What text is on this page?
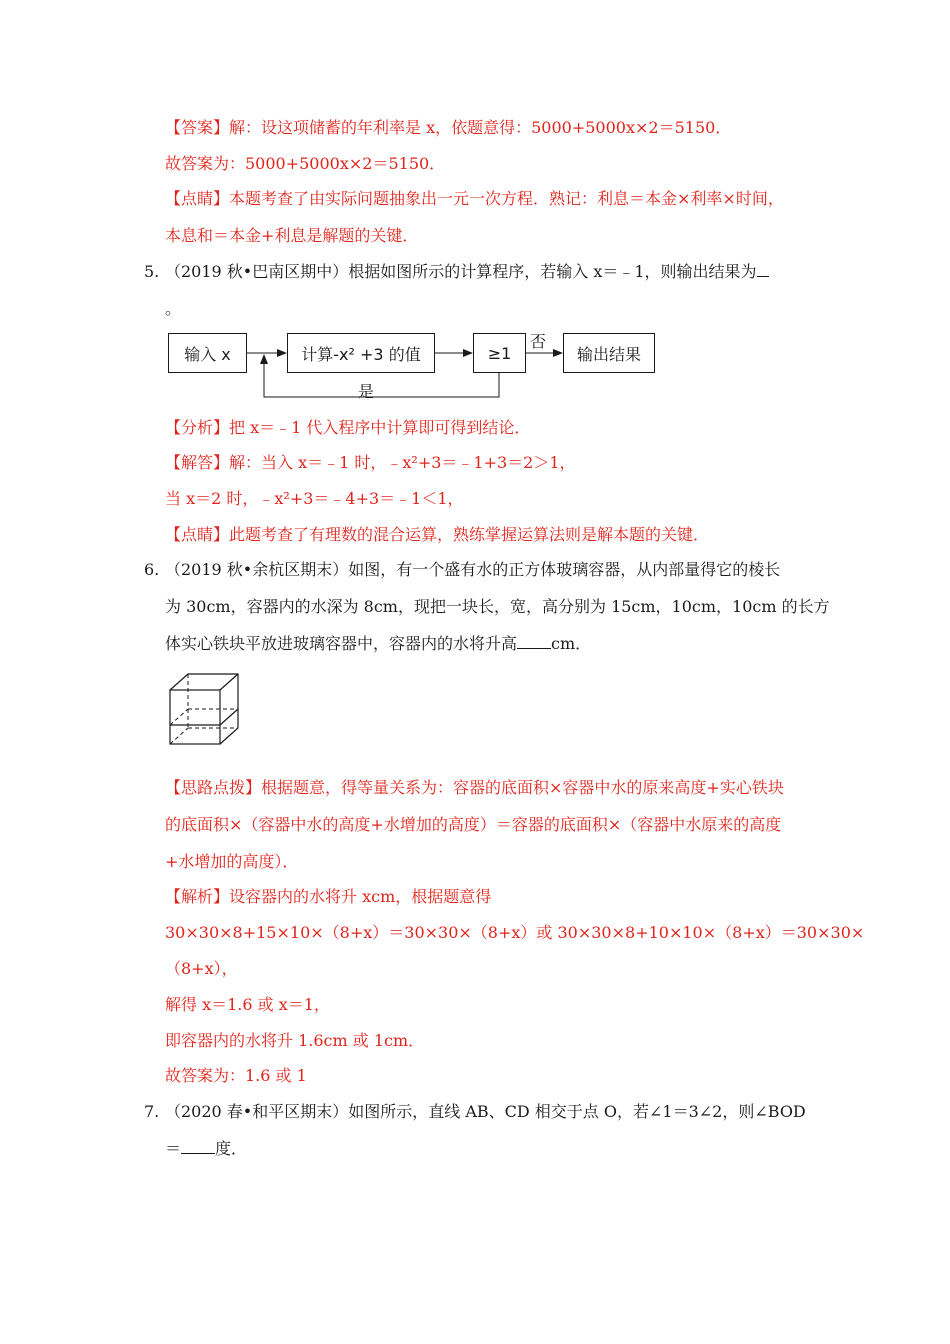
【答案】解：设这项储蓄的年利率是 x，依题意得：5000+5000x×2＝5150．
故答案为：5000+5000x×2＝5150．
【点睛】本题考查了由实际问题抽象出一元一次方程．熟记：利息＝本金×利率×时间，
本息和＝本金+利息是解题的关键．
5. （2019 秋•巴南区期中）根据如图所示的计算程序，若输入 x＝﹣1，则输出结果为
。
输入 x	计算-x² +3 的值	≥1	输出结果
否
是
【分析】把 x＝﹣1 代入程序中计算即可得到结论．
【解答】解：当入 x＝﹣1 时，﹣x²+3＝﹣1+3＝2＞1，
当 x＝2 时，﹣x²+3＝﹣4+3＝﹣1＜1，
【点睛】此题考查了有理数的混合运算，熟练掌握运算法则是解本题的关键．
6. （2019 秋•余杭区期末）如图，有一个盛有水的正方体玻璃容器，从内部量得它的棱长
为 30cm，容器内的水深为 8cm，现把一块长，宽，高分别为 15cm，10cm，10cm 的长方
体实心铁块平放进玻璃容器中，容器内的水将升高 cm．
【思路点拨】根据题意，得等量关系为：容器的底面积×容器中水的原来高度+实心铁块
的底面积×（容器中水的高度+水增加的高度）＝容器的底面积×（容器中水原来的高度
+水增加的高度）．
【解析】设容器内的水将升 xcm，根据题意得
30×30×8+15×10×（8+x）＝30×30×（8+x）或 30×30×8+10×10×（8+x）＝30×30×
（8+x），
解得 x＝1.6 或 x＝1，
即容器内的水将升 1.6cm 或 1cm．
故答案为：1.6 或 1
7. （2020 春•和平区期末）如图所示，直线 AB、CD 相交于点 O，若∠1＝3∠2，则∠BOD
＝ 度．
